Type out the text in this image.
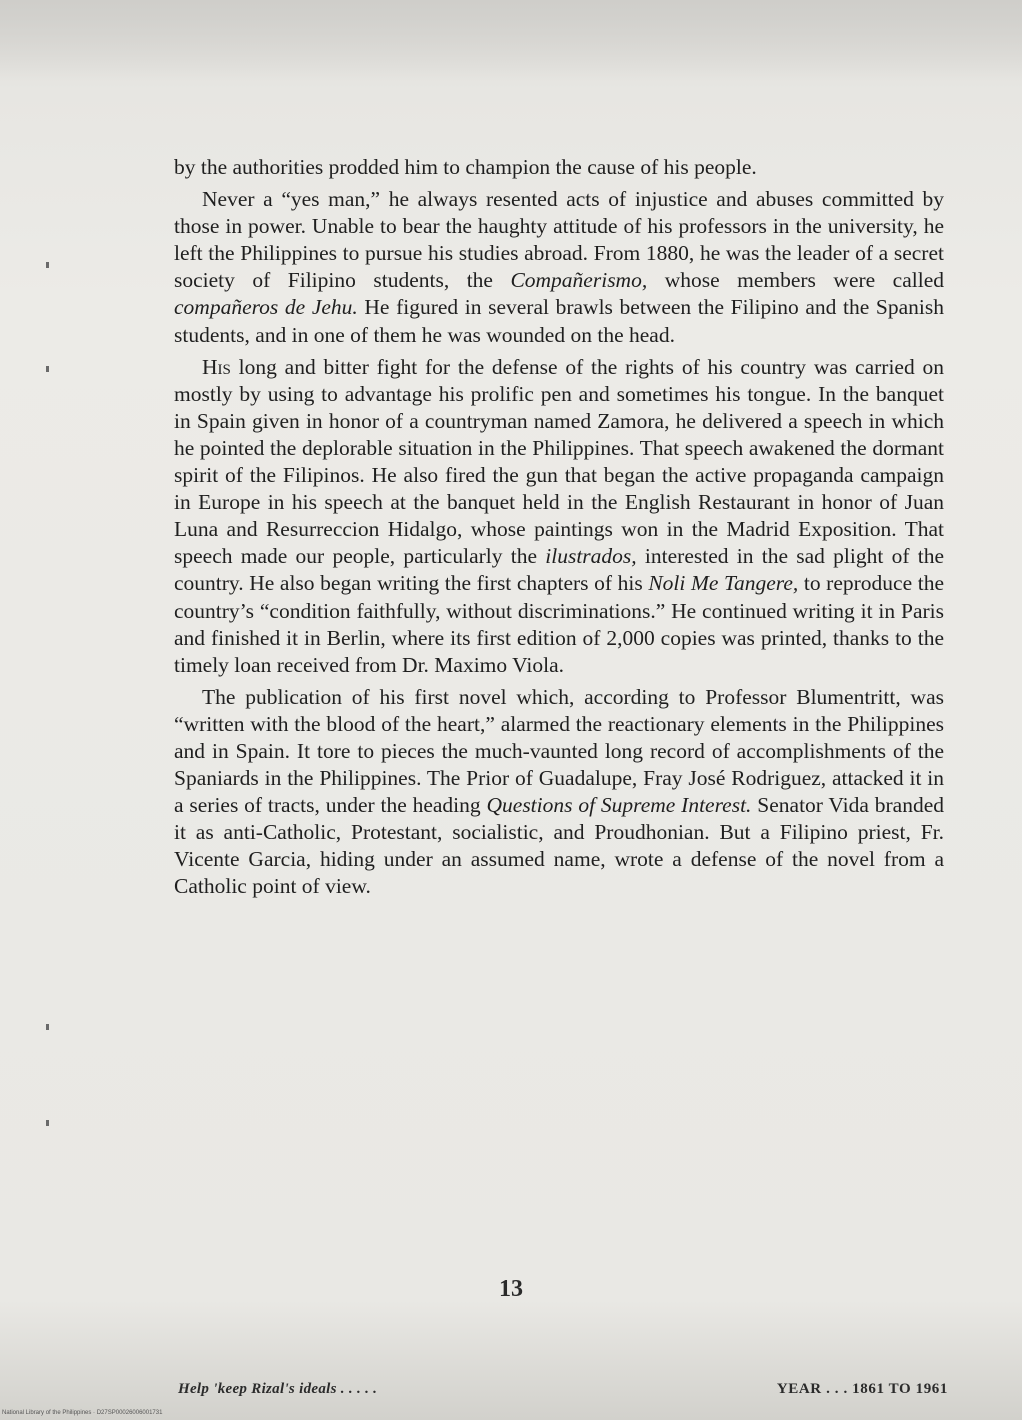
by the authorities prodded him to champion the cause of his people.

Never a “yes man,” he always resented acts of injustice and abuses committed by those in power. Unable to bear the haughty attitude of his professors in the university, he left the Philippines to pursue his studies abroad. From 1880, he was the leader of a secret society of Filipino students, the Compañerismo, whose members were called compañeros de Jehu. He figured in several brawls between the Filipino and the Spanish students, and in one of them he was wounded on the head.

His long and bitter fight for the defense of the rights of his country was carried on mostly by using to advantage his prolific pen and sometimes his tongue. In the banquet in Spain given in honor of a countryman named Zamora, he delivered a speech in which he pointed the deplorable situation in the Philippines. That speech awakened the dormant spirit of the Filipinos. He also fired the gun that began the active propaganda campaign in Europe in his speech at the banquet held in the English Restaurant in honor of Juan Luna and Resurreccion Hidalgo, whose paintings won in the Madrid Exposition. That speech made our people, particularly the ilustrados, interested in the sad plight of the country. He also began writing the first chapters of his Noli Me Tangere, to reproduce the country’s “condition faithfully, without discriminations.” He continued writing it in Paris and finished it in Berlin, where its first edition of 2,000 copies was printed, thanks to the timely loan received from Dr. Maximo Viola.

The publication of his first novel which, according to Professor Blumentritt, was “written with the blood of the heart,” alarmed the reactionary elements in the Philippines and in Spain. It tore to pieces the much-vaunted long record of accomplishments of the Spaniards in the Philippines. The Prior of Guadalupe, Fray José Rodriguez, attacked it in a series of tracts, under the heading Questions of Supreme Interest. Senator Vida branded it as anti-Catholic, Protestant, socialistic, and Proudhonian. But a Filipino priest, Fr. Vicente Garcia, hiding under an assumed name, wrote a defense of the novel from a Catholic point of view.

13
Help 'keep Rizal's ideals . . . . .	YEAR . . . 1861 TO 1961
National Library of the Philippines · D27SP00026006001731
